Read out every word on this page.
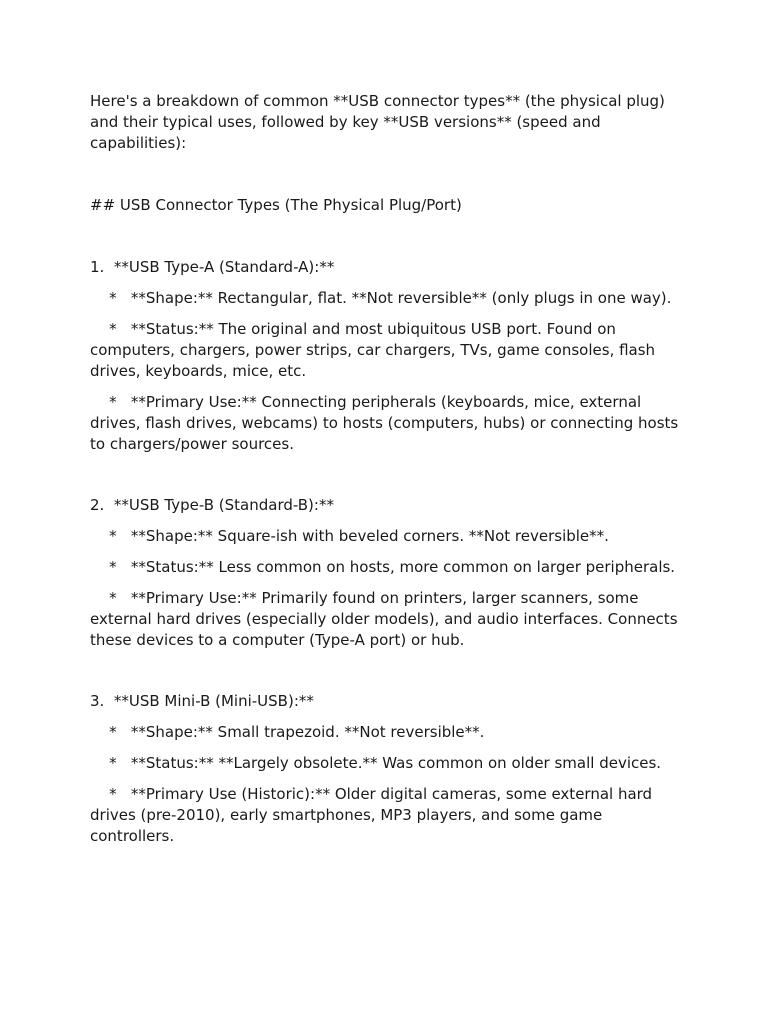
Here's a breakdown of common **USB connector types** (the physical plug) and their typical uses, followed by key **USB versions** (speed and capabilities):

## USB Connector Types (The Physical Plug/Port)

1.  **USB Type-A (Standard-A):**

*   **Shape:** Rectangular, flat. **Not reversible** (only plugs in one way).

*   **Status:** The original and most ubiquitous USB port. Found on computers, chargers, power strips, car chargers, TVs, game consoles, flash drives, keyboards, mice, etc.

*   **Primary Use:** Connecting peripherals (keyboards, mice, external drives, flash drives, webcams) to hosts (computers, hubs) or connecting hosts to chargers/power sources.

2.  **USB Type-B (Standard-B):**

*   **Shape:** Square-ish with beveled corners. **Not reversible**.

*   **Status:** Less common on hosts, more common on larger peripherals.

*   **Primary Use:** Primarily found on printers, larger scanners, some external hard drives (especially older models), and audio interfaces. Connects these devices to a computer (Type-A port) or hub.

3.  **USB Mini-B (Mini-USB):**

*   **Shape:** Small trapezoid. **Not reversible**.

*   **Status:** **Largely obsolete.** Was common on older small devices.

*   **Primary Use (Historic):** Older digital cameras, some external hard drives (pre-2010), early smartphones, MP3 players, and some game controllers.
